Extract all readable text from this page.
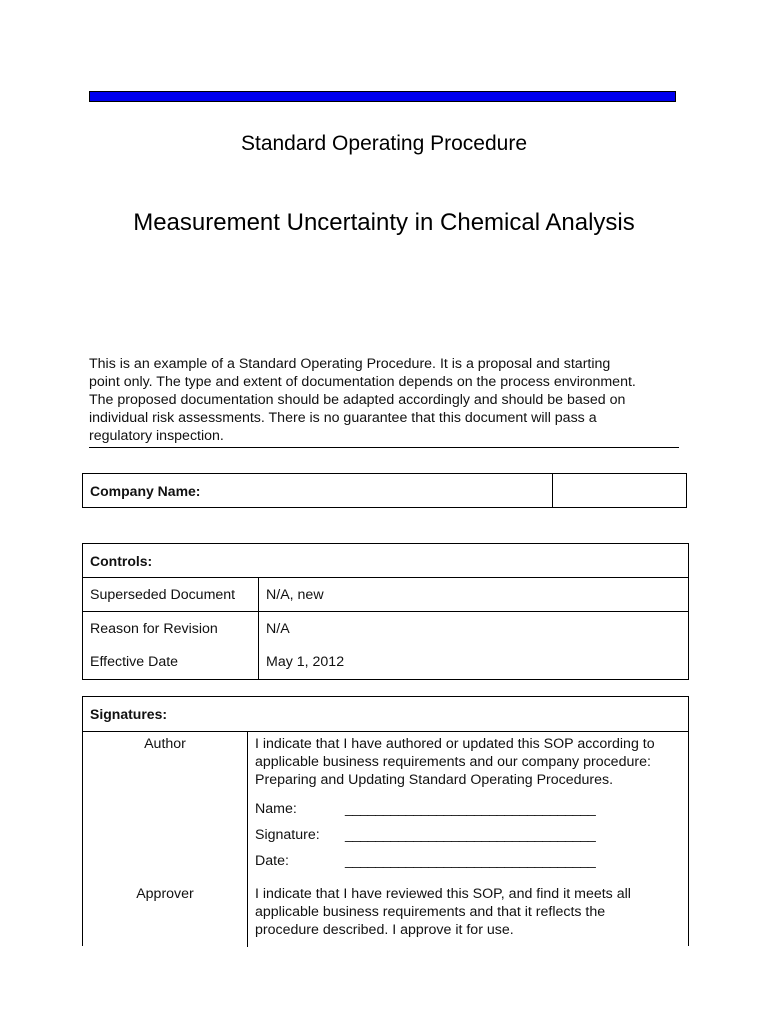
Standard Operating Procedure
Measurement Uncertainty in Chemical Analysis
This is an example of a Standard Operating Procedure. It is a proposal and starting
point only. The type and extent of documentation depends on the process environment.
The proposed documentation should be adapted accordingly and should be based on
individual risk assessments. There is no guarantee that this document will pass a
regulatory inspection.
Company Name:
Controls:
Superseded Document N/A, new
Reason for Revision	N/A
Effective Date	May 1, 2012
Signatures:
Author	I indicate that I have authored or updated this SOP according to
applicable business requirements and our company procedure:
Preparing and Updating Standard Operating Procedures.
Name:	_________________________________
Signature: _________________________________
Date:	_________________________________
Approver	I indicate that I have reviewed this SOP, and find it meets all
applicable business requirements and that it reflects the
procedure described. I approve it for use.
